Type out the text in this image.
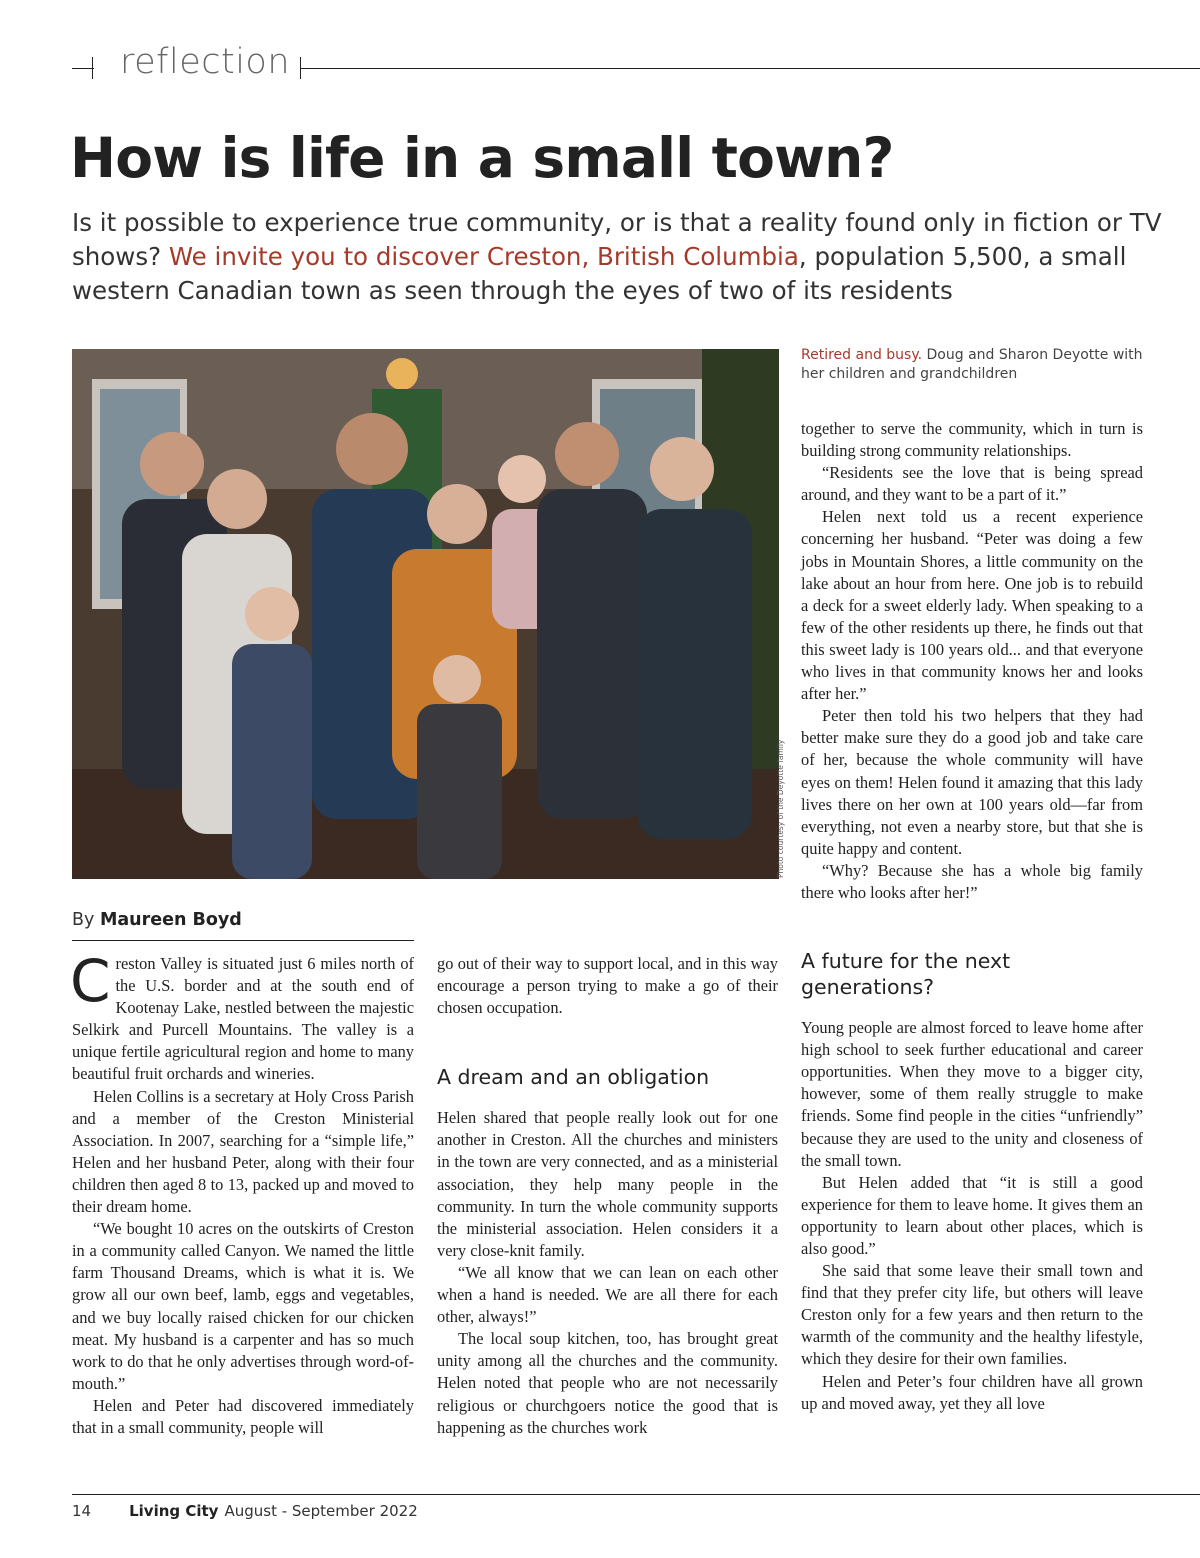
reflection
How is life in a small town?
Is it possible to experience true community, or is that a reality found only in fiction or TV shows? We invite you to discover Creston, British Columbia, population 5,500, a small western Canadian town as seen through the eyes of two of its residents
Photo courtesy of the Deyotte family
Retired and busy. Doug and Sharon Deyotte with her children and grandchildren
By Maureen Boyd

Creston Valley is situated just 6 miles north of the U.S. border and at the south end of Kootenay Lake, nestled between the majestic Selkirk and Purcell Mountains. The valley is a unique fertile agricultural region and home to many beautiful fruit orchards and wineries.

Helen Collins is a secretary at Holy Cross Parish and a member of the Creston Ministerial Association. In 2007, searching for a “simple life,” Helen and her husband Peter, along with their four children then aged 8 to 13, packed up and moved to their dream home.

“We bought 10 acres on the outskirts of Creston in a community called Canyon. We named the little farm Thousand Dreams, which is what it is. We grow all our own beef, lamb, eggs and vegetables, and we buy locally raised chicken for our chicken meat. My husband is a carpenter and has so much work to do that he only advertises through word-of-mouth.”

Helen and Peter had discovered immediately that in a small community, people will

go out of their way to support local, and in this way encourage a person trying to make a go of their chosen occupation.

A dream and an obligation

Helen shared that people really look out for one another in Creston. All the churches and ministers in the town are very connected, and as a ministerial association, they help many people in the community. In turn the whole community supports the ministerial association. Helen considers it a very close-knit family.

“We all know that we can lean on each other when a hand is needed. We are all there for each other, always!”

The local soup kitchen, too, has brought great unity among all the churches and the community. Helen noted that people who are not necessarily religious or churchgoers notice the good that is happening as the churches work

together to serve the community, which in turn is building strong community relationships.

“Residents see the love that is being spread around, and they want to be a part of it.”

Helen next told us a recent experience concerning her husband. “Peter was doing a few jobs in Mountain Shores, a little community on the lake about an hour from here. One job is to rebuild a deck for a sweet elderly lady. When speaking to a few of the other residents up there, he finds out that this sweet lady is 100 years old... and that everyone who lives in that community knows her and looks after her.”

Peter then told his two helpers that they had better make sure they do a good job and take care of her, because the whole community will have eyes on them! Helen found it amazing that this lady lives there on her own at 100 years old—far from everything, not even a nearby store, but that she is quite happy and content.

“Why? Because she has a whole big family there who looks after her!”

A future for the next generations?

Young people are almost forced to leave home after high school to seek further educational and career opportunities. When they move to a bigger city, however, some of them really struggle to make friends. Some find people in the cities “unfriendly” because they are used to the unity and closeness of the small town.

But Helen added that “it is still a good experience for them to leave home. It gives them an opportunity to learn about other places, which is also good.”

She said that some leave their small town and find that they prefer city life, but others will leave Creston only for a few years and then return to the warmth of the community and the healthy lifestyle, which they desire for their own families.

Helen and Peter’s four children have all grown up and moved away, yet they all love

14	Living City August - September 2022
